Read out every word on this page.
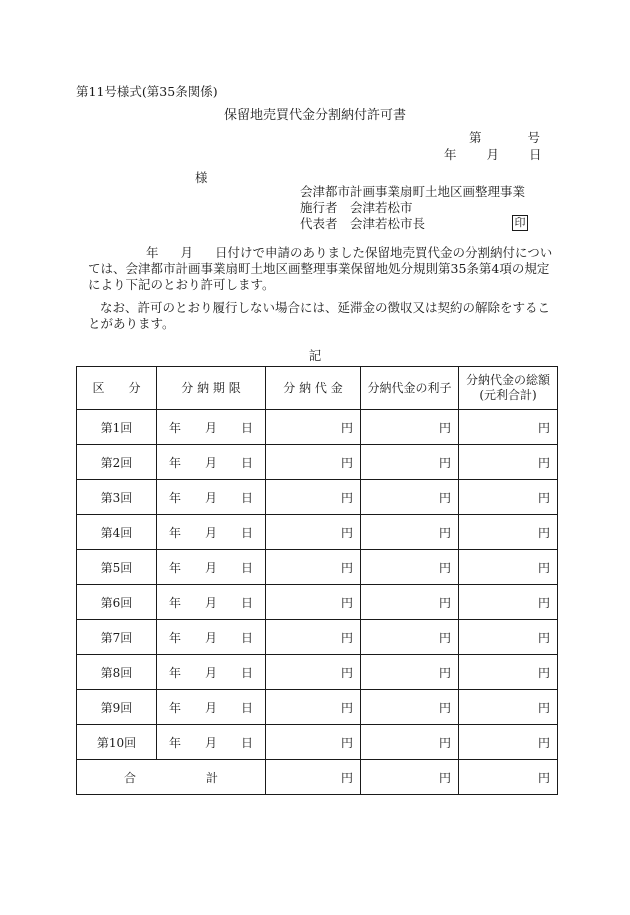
第11号様式(第35条関係)
保留地売買代金分割納付許可書
第	号
年 月 日
様
会津都市計画事業扇町土地区画整理事業
施行者　会津若松市
代表者　会津若松市長	印

年 月 日付けで申請のありました保留地売買代金の分割納付については、会津都市計画事業扇町土地区画整理事業保留地処分規則第35条第4項の規定により下記のとおり許可します。

なお、許可のとおり履行しない場合には、延滞金の徴収又は契約の解除をすることがあります。

記
区　　分	分 納 期 限	分 納 代 金	分納代金の利子	分納代金の総額
(元利合計)

第1回	年 月 日	円	円	円
第2回	年 月 日	円	円	円
第3回	年 月 日	円	円	円
第4回	年 月 日	円	円	円
第5回	年 月 日	円	円	円
第6回	年 月 日	円	円	円
第7回	年 月 日	円	円	円
第8回	年 月 日	円	円	円
第9回	年 月 日	円	円	円
第10回	年 月 日	円	円	円
合 計		円	円	円
